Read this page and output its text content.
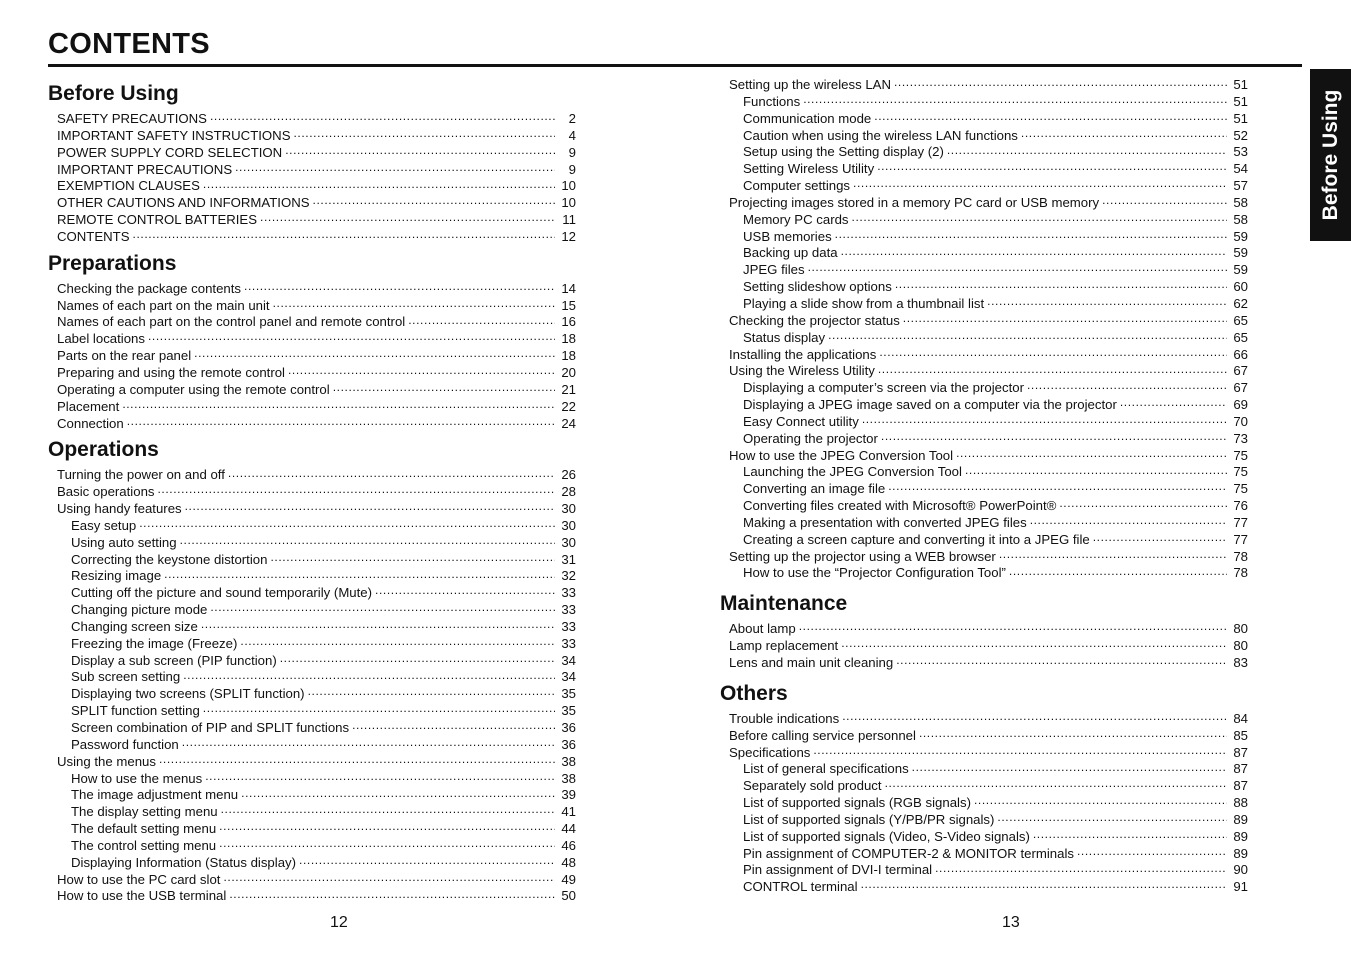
CONTENTS
Before Using
SAFETY PRECAUTIONS .....	2
IMPORTANT SAFETY INSTRUCTIONS .....	4
POWER SUPPLY CORD SELECTION .....	9
IMPORTANT PRECAUTIONS .....	9
EXEMPTION CLAUSES .....	10
OTHER CAUTIONS AND INFORMATIONS .....	10
REMOTE CONTROL BATTERIES .....	11
CONTENTS .....	12
Preparations
Checking the package contents .....	14
Names of each part on the main unit .....	15
Names of each part on the control panel and remote control .....	16
Label locations .....	18
Parts on the rear panel .....	18
Preparing and using the remote control .....	20
Operating a computer using the remote control .....	21
Placement .....	22
Connection .....	24
Operations
Turning the power on and off .....	26
Basic operations .....	28
Using handy features .....	30
Easy setup .....	30
Using auto setting .....	30
Correcting the keystone distortion .....	31
Resizing image .....	32
Cutting off the picture and sound temporarily (Mute) .....	33
Changing picture mode .....	33
Changing screen size .....	33
Freezing the image (Freeze) .....	33
Display a sub screen (PIP function) .....	34
Sub screen setting .....	34
Displaying two screens (SPLIT function) .....	35
SPLIT function setting .....	35
Screen combination of PIP and SPLIT functions .....	36
Password function .....	36
Using the menus .....	38
How to use the menus .....	38
The image adjustment menu .....	39
The display setting menu .....	41
The default setting menu .....	44
The control setting menu .....	46
Displaying Information (Status display) .....	48
How to use the PC card slot .....	49
How to use the USB terminal .....	50
Setting up the wireless LAN .....	51
Functions .....	51
Communication mode .....	51
Caution when using the wireless LAN functions .....	52
Setup using the Setting display (2) .....	53
Setting Wireless Utility .....	54
Computer settings .....	57
Projecting images stored in a memory PC card or USB memory .....	58
Memory PC cards .....	58
USB memories .....	59
Backing up data .....	59
JPEG files .....	59
Setting slideshow options .....	60
Playing a slide show from a thumbnail list .....	62
Checking the projector status .....	65
Status display .....	65
Installing the applications .....	66
Using the Wireless Utility .....	67
Displaying a computer’s screen via the projector .....	67
Displaying a JPEG image saved on a computer via the projector .....	69
Easy Connect utility .....	70
Operating the projector .....	73
How to use the JPEG Conversion Tool .....	75
Launching the JPEG Conversion Tool .....	75
Converting an image file .....	75
Converting files created with Microsoft® PowerPoint® .....	76
Making a presentation with converted JPEG files .....	77
Creating a screen capture and converting it into a JPEG file .....	77
Setting up the projector using a WEB browser .....	78
How to use the “Projector Configuration Tool” .....	78
Maintenance
About lamp .....	80
Lamp replacement .....	80
Lens and main unit cleaning .....	83
Others
Trouble indications .....	84
Before calling service personnel .....	85
Specifications .....	87
List of general specifications .....	87
Separately sold product .....	87
List of supported signals (RGB signals) .....	88
List of supported signals (Y/PB/PR signals) .....	89
List of supported signals (Video, S-Video signals) .....	89
Pin assignment of COMPUTER-2 & MONITOR terminals .....	89
Pin assignment of DVI-I terminal .....	90
CONTROL terminal .....	91
12	13
Before Using
